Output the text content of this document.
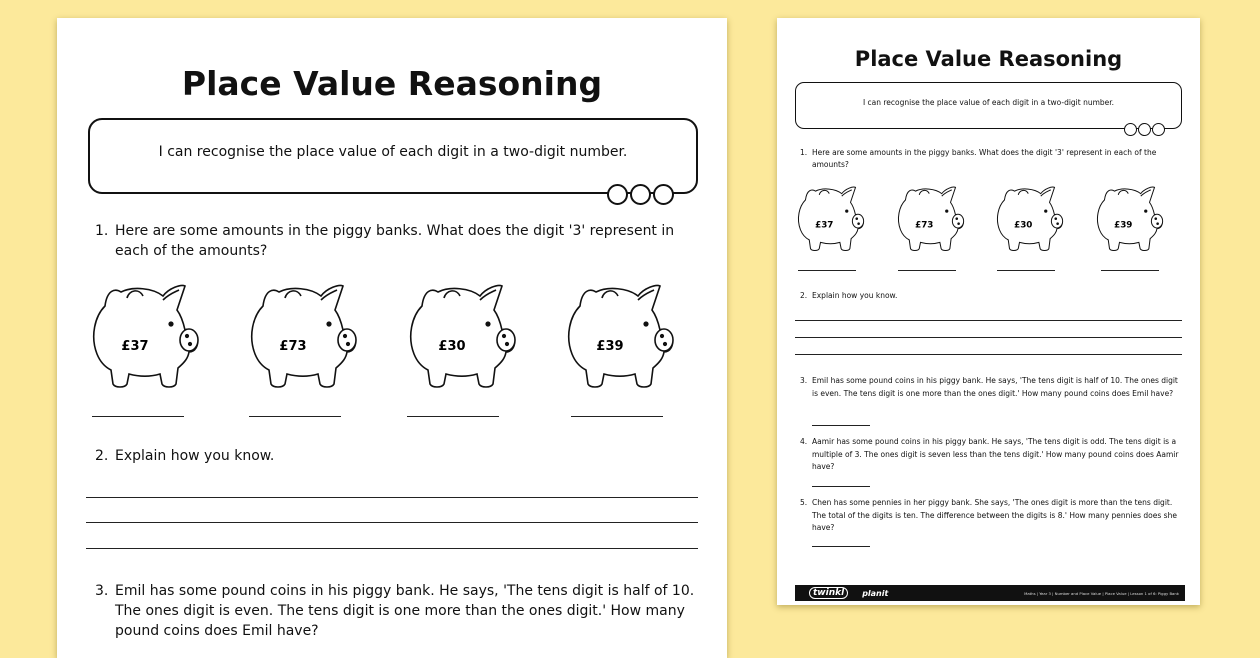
Place Value Reasoning
I can recognise the place value of each digit in a two-digit number.
1. Here are some amounts in the piggy banks. What does the digit '3' represent in each of the amounts?
£37	£73	£30	£39
2. Explain how you know.
3. Emil has some pound coins in his piggy bank. He says, 'The tens digit is half of 10. The ones digit is even. The tens digit is one more than the ones digit.' How many pound coins does Emil have?
Place Value Reasoning
I can recognise the place value of each digit in a two-digit number.
1. Here are some amounts in the piggy banks. What does the digit '3' represent in each of the amounts?
£37	£73	£30	£39
2. Explain how you know.
3. Emil has some pound coins in his piggy bank. He says, 'The tens digit is half of 10. The ones digit is even. The tens digit is one more than the ones digit.' How many pound coins does Emil have?
4. Aamir has some pound coins in his piggy bank. He says, 'The tens digit is odd. The tens digit is a multiple of 3. The ones digit is seven less than the tens digit.' How many pound coins does Aamir have?
5. Chen has some pennies in her piggy bank. She says, 'The ones digit is more than the tens digit. The total of the digits is ten. The difference between the digits is 8.' How many pennies does she have?
twinkl	planit	Maths | Year 3 | Number and Place Value | Place Value | Lesson 1 of 6: Piggy Bank
